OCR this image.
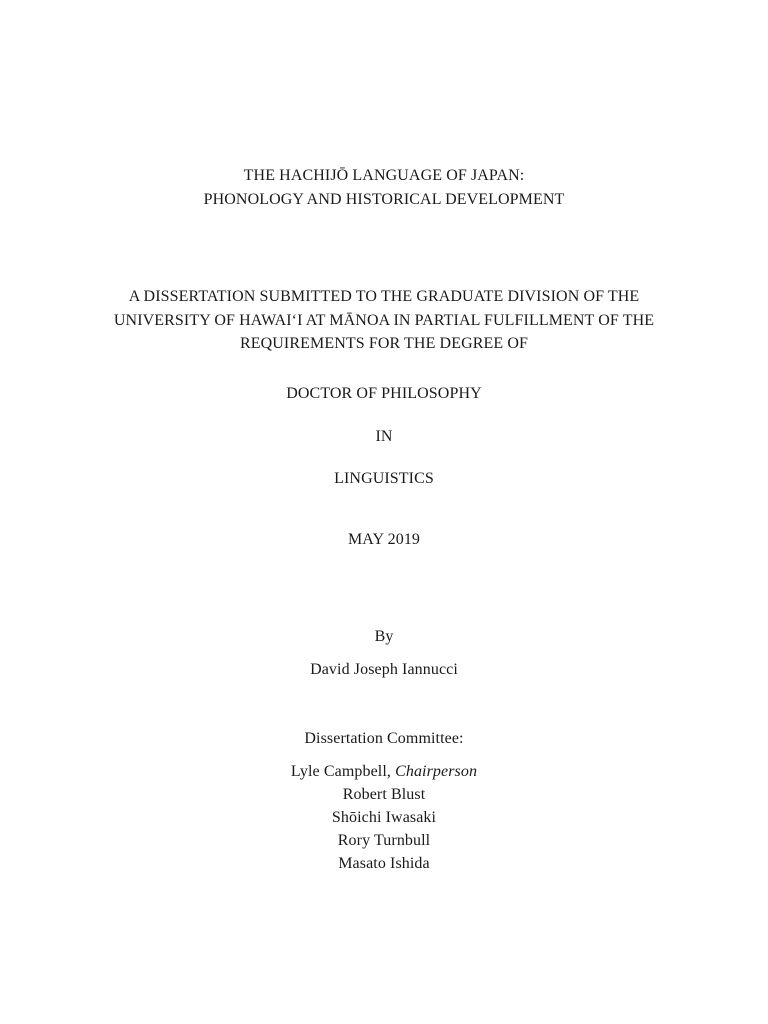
THE HACHIJŌ LANGUAGE OF JAPAN:
PHONOLOGY AND HISTORICAL DEVELOPMENT
A DISSERTATION SUBMITTED TO THE GRADUATE DIVISION OF THE
UNIVERSITY OF HAWAI‘I AT MĀNOA IN PARTIAL FULFILLMENT OF THE
REQUIREMENTS FOR THE DEGREE OF
DOCTOR OF PHILOSOPHY
IN
LINGUISTICS
MAY 2019
By
David Joseph Iannucci
Dissertation Committee:
Lyle Campbell, Chairperson
Robert Blust
Shōichi Iwasaki
Rory Turnbull
Masato Ishida
